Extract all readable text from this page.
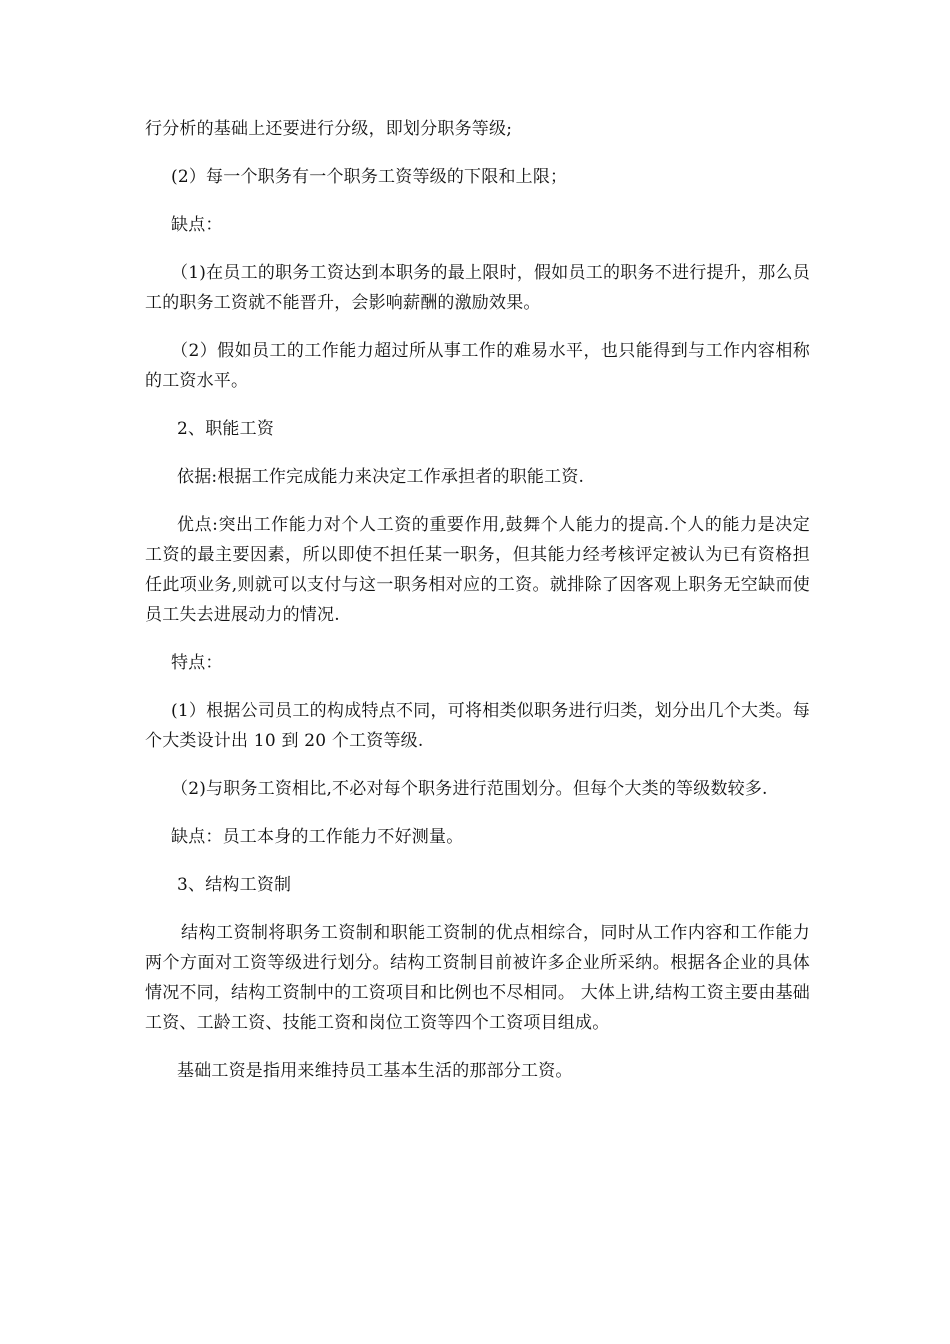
行分析的基础上还要进行分级，即划分职务等级;

(2）每一个职务有一个职务工资等级的下限和上限；

缺点：

（1)在员工的职务工资达到本职务的最上限时，假如员工的职务不进行提升，那么员工的职务工资就不能晋升，会影响薪酬的激励效果。

（2）假如员工的工作能力超过所从事工作的难易水平，也只能得到与工作内容相称的工资水平。

2、职能工资

依据:根据工作完成能力来决定工作承担者的职能工资.

优点:突出工作能力对个人工资的重要作用,鼓舞个人能力的提高.个人的能力是决定工资的最主要因素，所以即使不担任某一职务，但其能力经考核评定被认为已有资格担任此项业务,则就可以支付与这一职务相对应的工资。就排除了因客观上职务无空缺而使员工失去进展动力的情况.

特点：

(1）根据公司员工的构成特点不同，可将相类似职务进行归类，划分出几个大类。每个大类设计出 10 到 20 个工资等级.

（2)与职务工资相比,不必对每个职务进行范围划分。但每个大类的等级数较多.

缺点：员工本身的工作能力不好测量。

3、结构工资制

结构工资制将职务工资制和职能工资制的优点相综合，同时从工作内容和工作能力两个方面对工资等级进行划分。结构工资制目前被许多企业所采纳。根据各企业的具体情况不同，结构工资制中的工资项目和比例也不尽相同。 大体上讲,结构工资主要由基础工资、工龄工资、技能工资和岗位工资等四个工资项目组成。

基础工资是指用来维持员工基本生活的那部分工资。
